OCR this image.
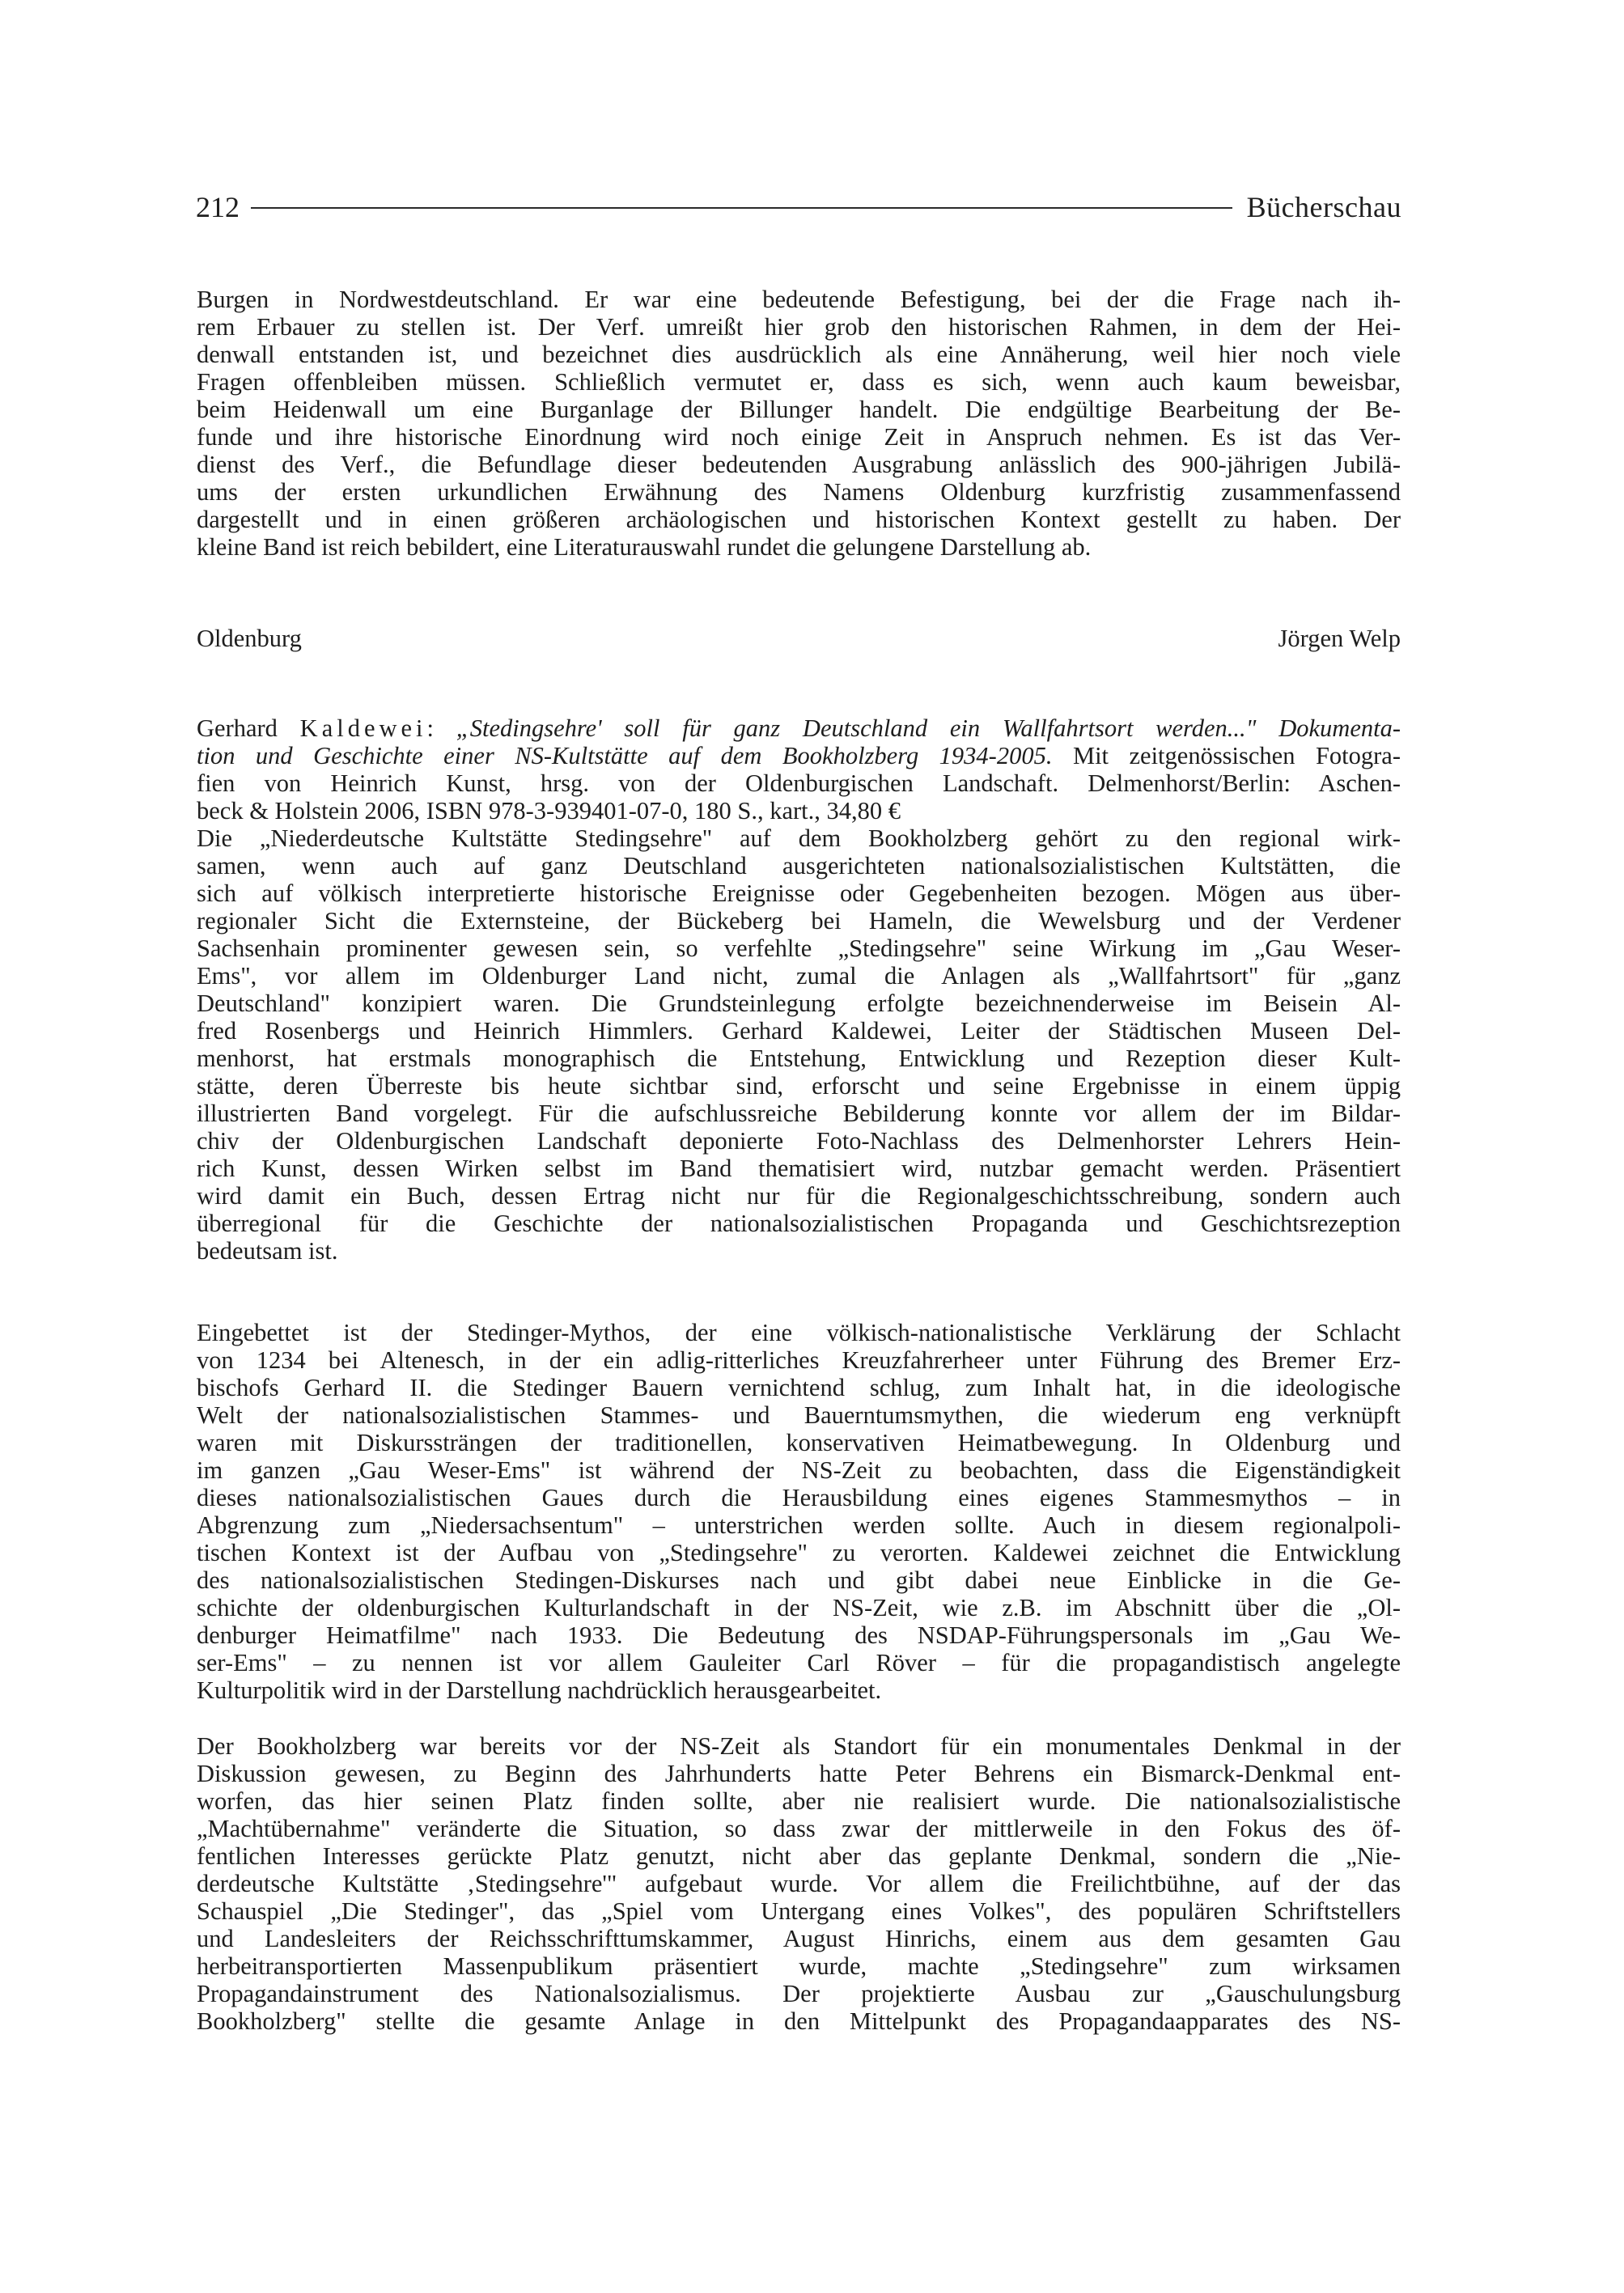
212	Bücherschau
Burgen in Nordwestdeutschland. Er war eine bedeutende Befestigung, bei der die Frage nach ih-
rem Erbauer zu stellen ist. Der Verf. umreißt hier grob den historischen Rahmen, in dem der Hei-
denwall entstanden ist, und bezeichnet dies ausdrücklich als eine Annäherung, weil hier noch viele
Fragen offenbleiben müssen. Schließlich vermutet er, dass es sich, wenn auch kaum beweisbar,
beim Heidenwall um eine Burganlage der Billunger handelt. Die endgültige Bearbeitung der Be-
funde und ihre historische Einordnung wird noch einige Zeit in Anspruch nehmen. Es ist das Ver-
dienst des Verf., die Befundlage dieser bedeutenden Ausgrabung anlässlich des 900-jährigen Jubilä-
ums der ersten urkundlichen Erwähnung des Namens Oldenburg kurzfristig zusammenfassend
dargestellt und in einen größeren archäologischen und historischen Kontext gestellt zu haben. Der
kleine Band ist reich bebildert, eine Literaturauswahl rundet die gelungene Darstellung ab.
Oldenburg	Jörgen Welp
Gerhard Kaldewei: „Stedingsehre' soll für ganz Deutschland ein Wallfahrtsort werden..." Dokumenta-
tion und Geschichte einer NS-Kultstätte auf dem Bookholzberg 1934-2005. Mit zeitgenössischen Fotogra-
fien von Heinrich Kunst, hrsg. von der Oldenburgischen Landschaft. Delmenhorst/Berlin: Aschen-
beck & Holstein 2006, ISBN 978-3-939401-07-0, 180 S., kart., 34,80 €
Die „Niederdeutsche Kultstätte Stedingsehre" auf dem Bookholzberg gehört zu den regional wirk-
samen, wenn auch auf ganz Deutschland ausgerichteten nationalsozialistischen Kultstätten, die
sich auf völkisch interpretierte historische Ereignisse oder Gegebenheiten bezogen. Mögen aus über-
regionaler Sicht die Externsteine, der Bückeberg bei Hameln, die Wewelsburg und der Verdener
Sachsenhain prominenter gewesen sein, so verfehlte „Stedingsehre" seine Wirkung im „Gau Weser-
Ems", vor allem im Oldenburger Land nicht, zumal die Anlagen als „Wallfahrtsort" für „ganz
Deutschland" konzipiert waren. Die Grundsteinlegung erfolgte bezeichnenderweise im Beisein Al-
fred Rosenbergs und Heinrich Himmlers. Gerhard Kaldewei, Leiter der Städtischen Museen Del-
menhorst, hat erstmals monographisch die Entstehung, Entwicklung und Rezeption dieser Kult-
stätte, deren Überreste bis heute sichtbar sind, erforscht und seine Ergebnisse in einem üppig
illustrierten Band vorgelegt. Für die aufschlussreiche Bebilderung konnte vor allem der im Bildar-
chiv der Oldenburgischen Landschaft deponierte Foto-Nachlass des Delmenhorster Lehrers Hein-
rich Kunst, dessen Wirken selbst im Band thematisiert wird, nutzbar gemacht werden. Präsentiert
wird damit ein Buch, dessen Ertrag nicht nur für die Regionalgeschichtsschreibung, sondern auch
überregional für die Geschichte der nationalsozialistischen Propaganda und Geschichtsrezeption
bedeutsam ist.
Eingebettet ist der Stedinger-Mythos, der eine völkisch-nationalistische Verklärung der Schlacht
von 1234 bei Altenesch, in der ein adlig-ritterliches Kreuzfahrerheer unter Führung des Bremer Erz-
bischofs Gerhard II. die Stedinger Bauern vernichtend schlug, zum Inhalt hat, in die ideologische
Welt der nationalsozialistischen Stammes- und Bauerntumsmythen, die wiederum eng verknüpft
waren mit Diskurssträngen der traditionellen, konservativen Heimatbewegung. In Oldenburg und
im ganzen „Gau Weser-Ems" ist während der NS-Zeit zu beobachten, dass die Eigenständigkeit
dieses nationalsozialistischen Gaues durch die Herausbildung eines eigenes Stammesmythos – in
Abgrenzung zum „Niedersachsentum" – unterstrichen werden sollte. Auch in diesem regionalpoli-
tischen Kontext ist der Aufbau von „Stedingsehre" zu verorten. Kaldewei zeichnet die Entwicklung
des nationalsozialistischen Stedingen-Diskurses nach und gibt dabei neue Einblicke in die Ge-
schichte der oldenburgischen Kulturlandschaft in der NS-Zeit, wie z.B. im Abschnitt über die „Ol-
denburger Heimatfilme" nach 1933. Die Bedeutung des NSDAP-Führungspersonals im „Gau We-
ser-Ems" – zu nennen ist vor allem Gauleiter Carl Röver – für die propagandistisch angelegte
Kulturpolitik wird in der Darstellung nachdrücklich herausgearbeitet.
Der Bookholzberg war bereits vor der NS-Zeit als Standort für ein monumentales Denkmal in der
Diskussion gewesen, zu Beginn des Jahrhunderts hatte Peter Behrens ein Bismarck-Denkmal ent-
worfen, das hier seinen Platz finden sollte, aber nie realisiert wurde. Die nationalsozialistische
„Machtübernahme" veränderte die Situation, so dass zwar der mittlerweile in den Fokus des öf-
fentlichen Interesses gerückte Platz genutzt, nicht aber das geplante Denkmal, sondern die „Nie-
derdeutsche Kultstätte ‚Stedingsehre'" aufgebaut wurde. Vor allem die Freilichtbühne, auf der das
Schauspiel „Die Stedinger", das „Spiel vom Untergang eines Volkes", des populären Schriftstellers
und Landesleiters der Reichsschrifttumskammer, August Hinrichs, einem aus dem gesamten Gau
herbeitransportierten Massenpublikum präsentiert wurde, machte „Stedingsehre" zum wirksamen
Propagandainstrument des Nationalsozialismus. Der projektierte Ausbau zur „Gauschulungsburg
Bookholzberg" stellte die gesamte Anlage in den Mittelpunkt des Propagandaapparates des NS-
